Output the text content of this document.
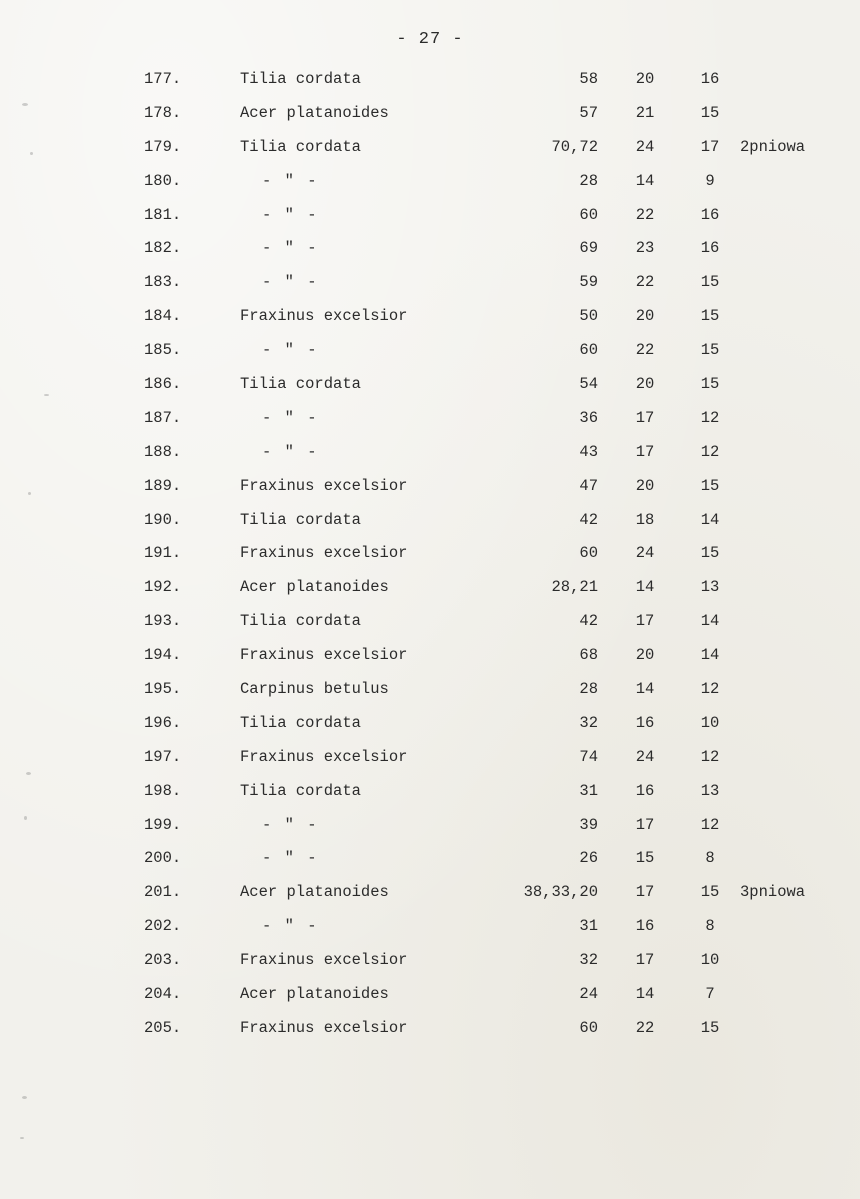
- 27 -
177.	Tilia cordata	58	20	16
178.	Acer platanoides	57	21	15
179.	Tilia cordata	70,72	24	17	2pniowa
180.	- " -	28	14	9
181.	- " -	60	22	16
182.	- " -	69	23	16
183.	- " -	59	22	15
184.	Fraxinus excelsior	50	20	15
185.	- " -	60	22	15
186.	Tilia cordata	54	20	15
187.	- " -	36	17	12
188.	- " -	43	17	12
189.	Fraxinus excelsior	47	20	15
190.	Tilia cordata	42	18	14
191.	Fraxinus excelsior	60	24	15
192.	Acer platanoides	28,21	14	13
193.	Tilia cordata	42	17	14
194.	Fraxinus excelsior	68	20	14
195.	Carpinus betulus	28	14	12
196.	Tilia cordata	32	16	10
197.	Fraxinus excelsior	74	24	12
198.	Tilia cordata	31	16	13
199.	- " -	39	17	12
200.	- " -	26	15	8
201.	Acer platanoides	38,33,20	17	15	3pniowa
202.	- " -	31	16	8
203.	Fraxinus excelsior	32	17	10
204.	Acer platanoides	24	14	7
205.	Fraxinus excelsior	60	22	15
